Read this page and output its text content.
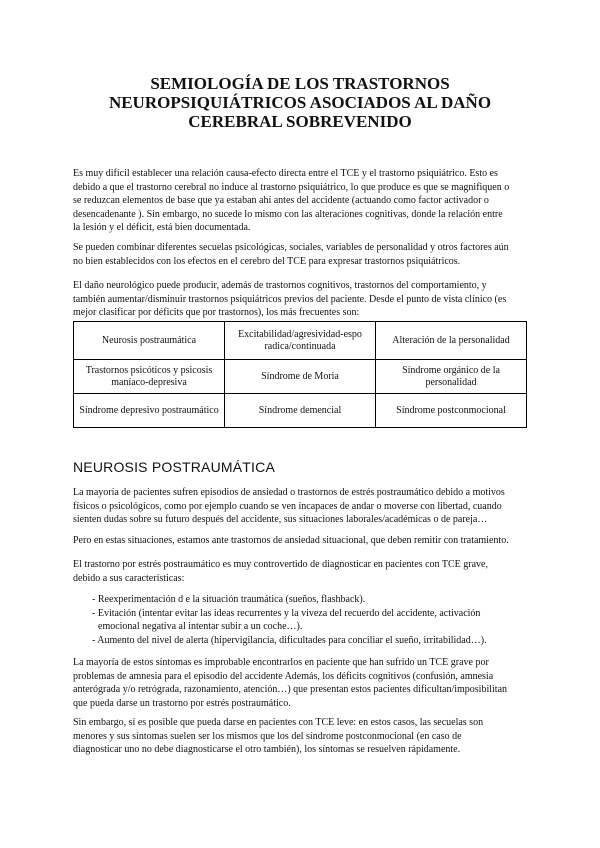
SEMIOLOGÍA DE LOS TRASTORNOS
NEUROPSIQUIÁTRICOS ASOCIADOS AL DAÑO
CEREBRAL SOBREVENIDO
Es muy difícil establecer una relación causa-efecto directa entre el TCE y el trastorno psiquiátrico. Esto es
debido a que el trastorno cerebral no induce al trastorno psiquiátrico, lo que produce es que se magnifiquen o
se reduzcan elementos de base que ya estaban ahí antes del accidente (actuando como factor activador o
desencadenante ). Sin embargo, no sucede lo mismo con las alteraciones cognitivas, donde la relación entre
la lesión y el déficit, está bien documentada.
Se pueden combinar diferentes secuelas psicológicas, sociales, variables de personalidad y otros factores aún
no bien establecidos con los efectos en el cerebro del TCE para expresar trastornos psiquiátricos.
El daño neurológico puede producir, además de trastornos cognitivos, trastornos del comportamiento, y
también aumentar/disminuir trastornos psiquiátricos previos del paciente. Desde el punto de vista clínico (es
mejor clasificar por déficits que por trastornos), los más frecuentes son:
Neurosis postraumática	Excitabilidad/agresividad-espo radica/continuada	Alteración de la personalidad
Trastornos psicóticos y psicosis maníaco-depresiva	Síndrome de Moria	Síndrome orgánico de la personalidad
Síndrome depresivo postraumático	Síndrome demencial	Síndrome postconmocional
NEUROSIS POSTRAUMÁTICA
La mayoría de pacientes sufren episodios de ansiedad o trastornos de estrés postraumático debido a motivos
físicos o psicológicos, como por ejemplo cuando se ven incapaces de andar o moverse con libertad, cuando
sienten dudas sobre su futuro después del accidente, sus situaciones laborales/académicas o de pareja…
Pero en estas situaciones, estamos ante trastornos de ansiedad situacional, que deben remitir con tratamiento.
El trastorno por estrés postraumático es muy controvertido de diagnosticar en pacientes con TCE grave,
debido a sus características:
- Reexperimentación d e la situación traumática (sueños, flashback).
- Evitación (intentar evitar las ideas recurrentes y la viveza del recuerdo del accidente, activación
emocional negativa al intentar subir a un coche…).
- Aumento del nivel de alerta (hipervigilancia, dificultades para conciliar el sueño, irritabilidad…).
La mayoría de estos síntomas es improbable encontrarlos en paciente que han sufrido un TCE grave por
problemas de amnesia para el episodio del accidente Además, los déficits cognitivos (confusión, amnesia
anterógrada y/o retrógrada, razonamiento, atención…) que presentan estos pacientes dificultan/imposibilitan
que pueda darse un trastorno por estrés postraumático.
Sin embargo, sí es posible que pueda darse en pacientes con TCE leve: en estos casos, las secuelas son
menores y sus síntomas suelen ser los mismos que los del síndrome postconmocional (en caso de
diagnosticar uno no debe diagnosticarse el otro también), los síntomas se resuelven rápidamente.
